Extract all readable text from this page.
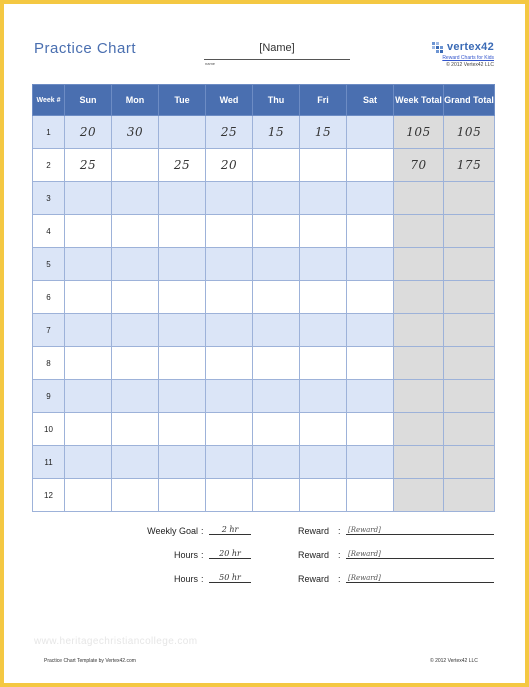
Practice Chart	[Name]
name
vertex42
Reward Charts for Kids
© 2012 Vertex42 LLC
Week #	Sun	Mon	Tue	Wed	Thu	Fri	Sat	Week Total	Grand Total
1	20	30		25	15	15		105	105
2	25		25	20				70	175
3									
4									
5									
6									
7									
8									
9									
10									
11									
12									
Weekly Goal :	2 hr	Reward : [Reward]
Hours :	20 hr	Reward : [Reward]
Hours :	50 hr	Reward : [Reward]
www.heritagechristiancollege.com
Practice Chart Template by Vertex42.com	© 2012 Vertex42 LLC
